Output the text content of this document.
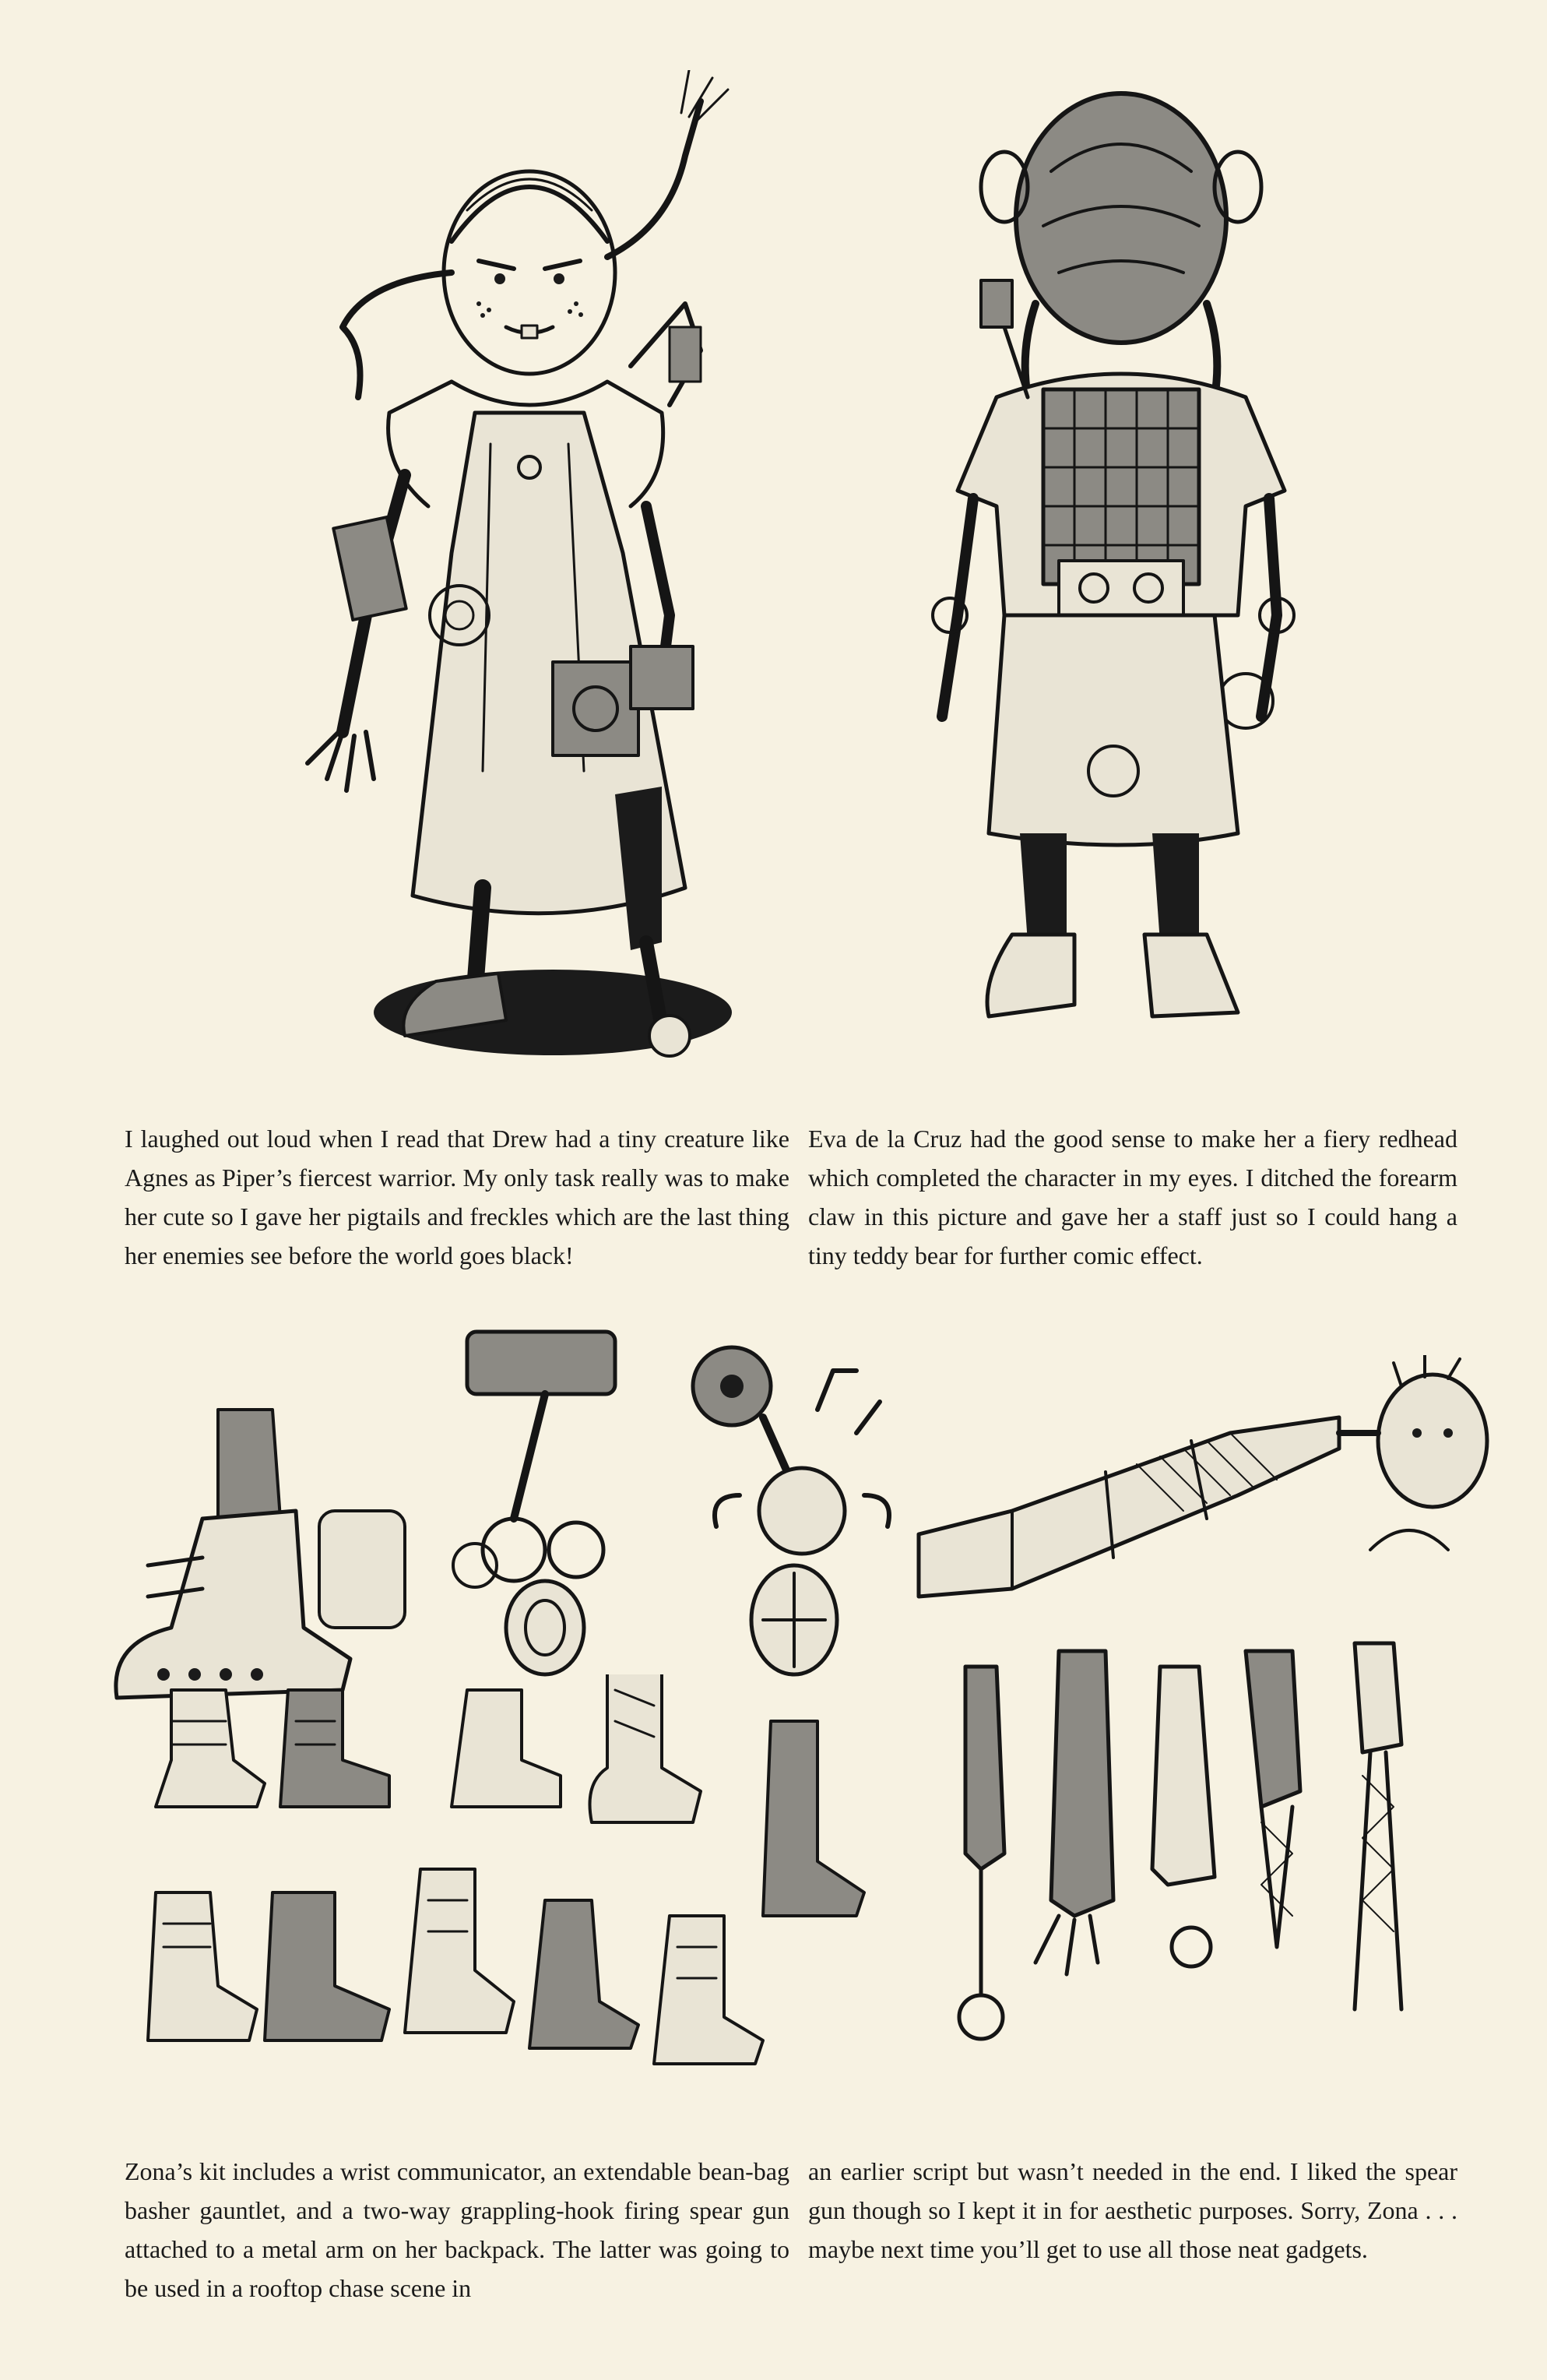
I laughed out loud when I read that Drew had a tiny creature like Agnes as Piper’s fiercest warrior. My only task really was to make her cute so I gave her pigtails and freckles which are the last thing her enemies see before the world goes black!

Eva de la Cruz had the good sense to make her a fiery redhead which completed the character in my eyes. I ditched the forearm claw in this picture and gave her a staff just so I could hang a tiny teddy bear for further comic effect.

Zona’s kit includes a wrist communicator, an extendable bean-bag basher gauntlet, and a two-way grappling-hook firing spear gun attached to a metal arm on her backpack. The latter was going to be used in a rooftop chase scene in

an earlier script but wasn’t needed in the end. I liked the spear gun though so I kept it in for aesthetic purposes. Sorry, Zona . . . maybe next time you’ll get to use all those neat gadgets.
